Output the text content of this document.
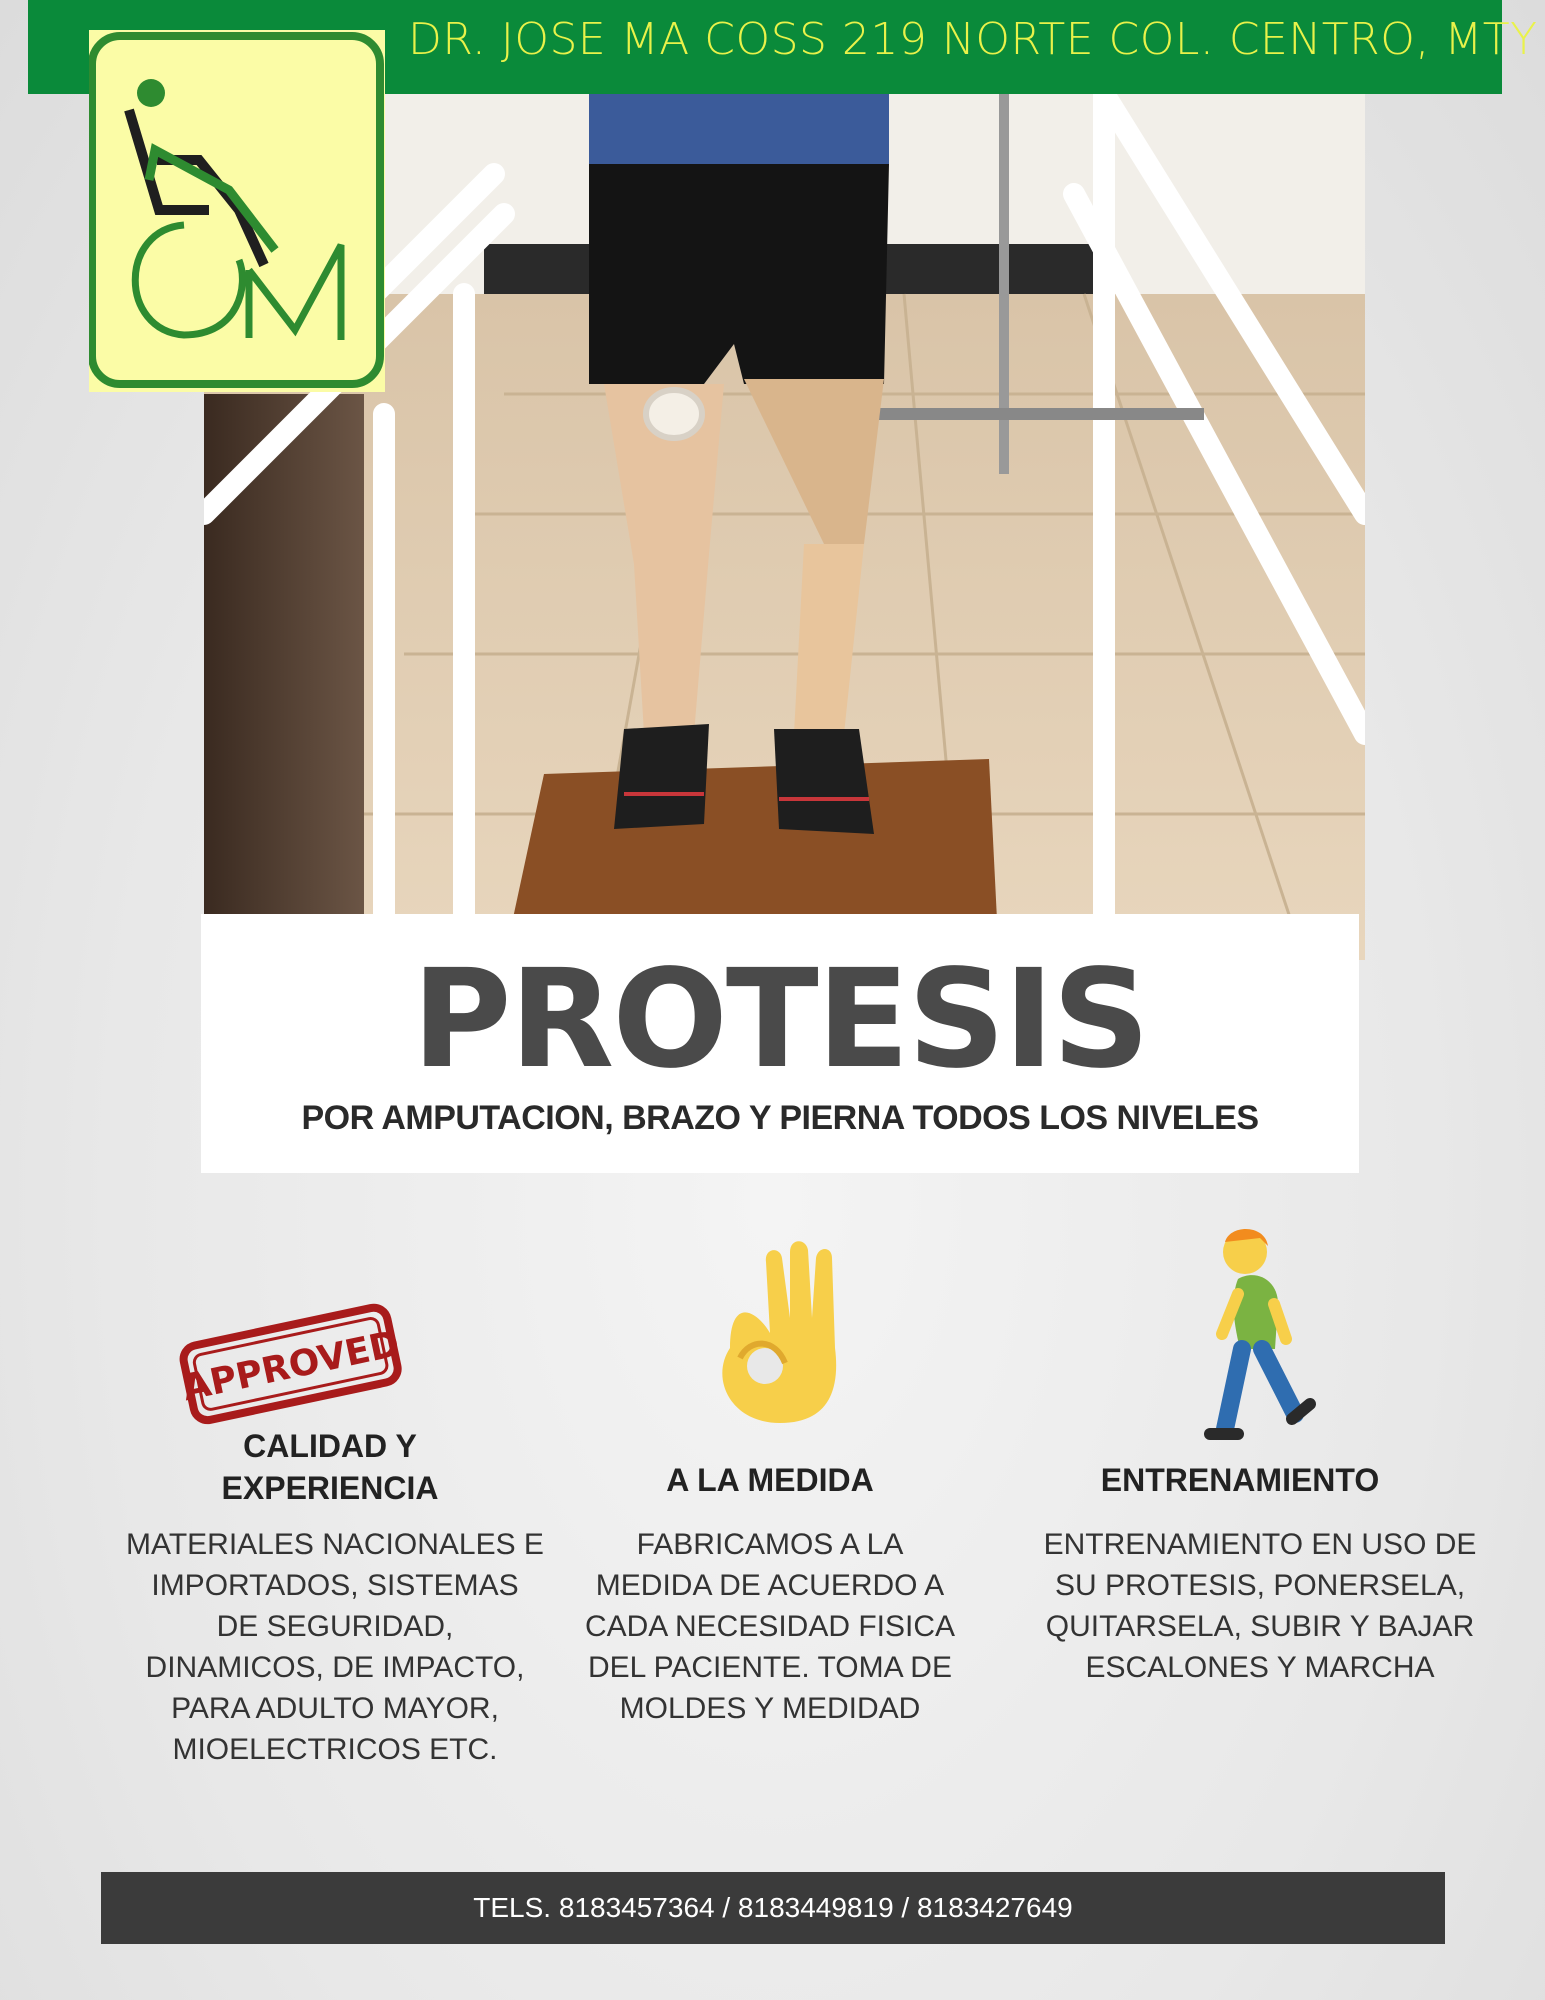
DR. JOSE MA COSS 219 NORTE COL. CENTRO, MTY
PROTESIS
POR AMPUTACION, BRAZO Y PIERNA TODOS LOS NIVELES
APPROVED
CALIDAD Y
EXPERIENCIA
MATERIALES NACIONALES E
IMPORTADOS, SISTEMAS
DE SEGURIDAD,
DINAMICOS, DE IMPACTO,
PARA ADULTO MAYOR,
MIOELECTRICOS ETC.
A LA MEDIDA
FABRICAMOS A LA
MEDIDA DE ACUERDO A
CADA NECESIDAD FISICA
DEL PACIENTE. TOMA DE
MOLDES Y MEDIDAD
ENTRENAMIENTO
ENTRENAMIENTO EN USO DE
SU PROTESIS, PONERSELA,
QUITARSELA, SUBIR Y BAJAR
ESCALONES Y MARCHA
TELS. 8183457364 / 8183449819 / 8183427649
